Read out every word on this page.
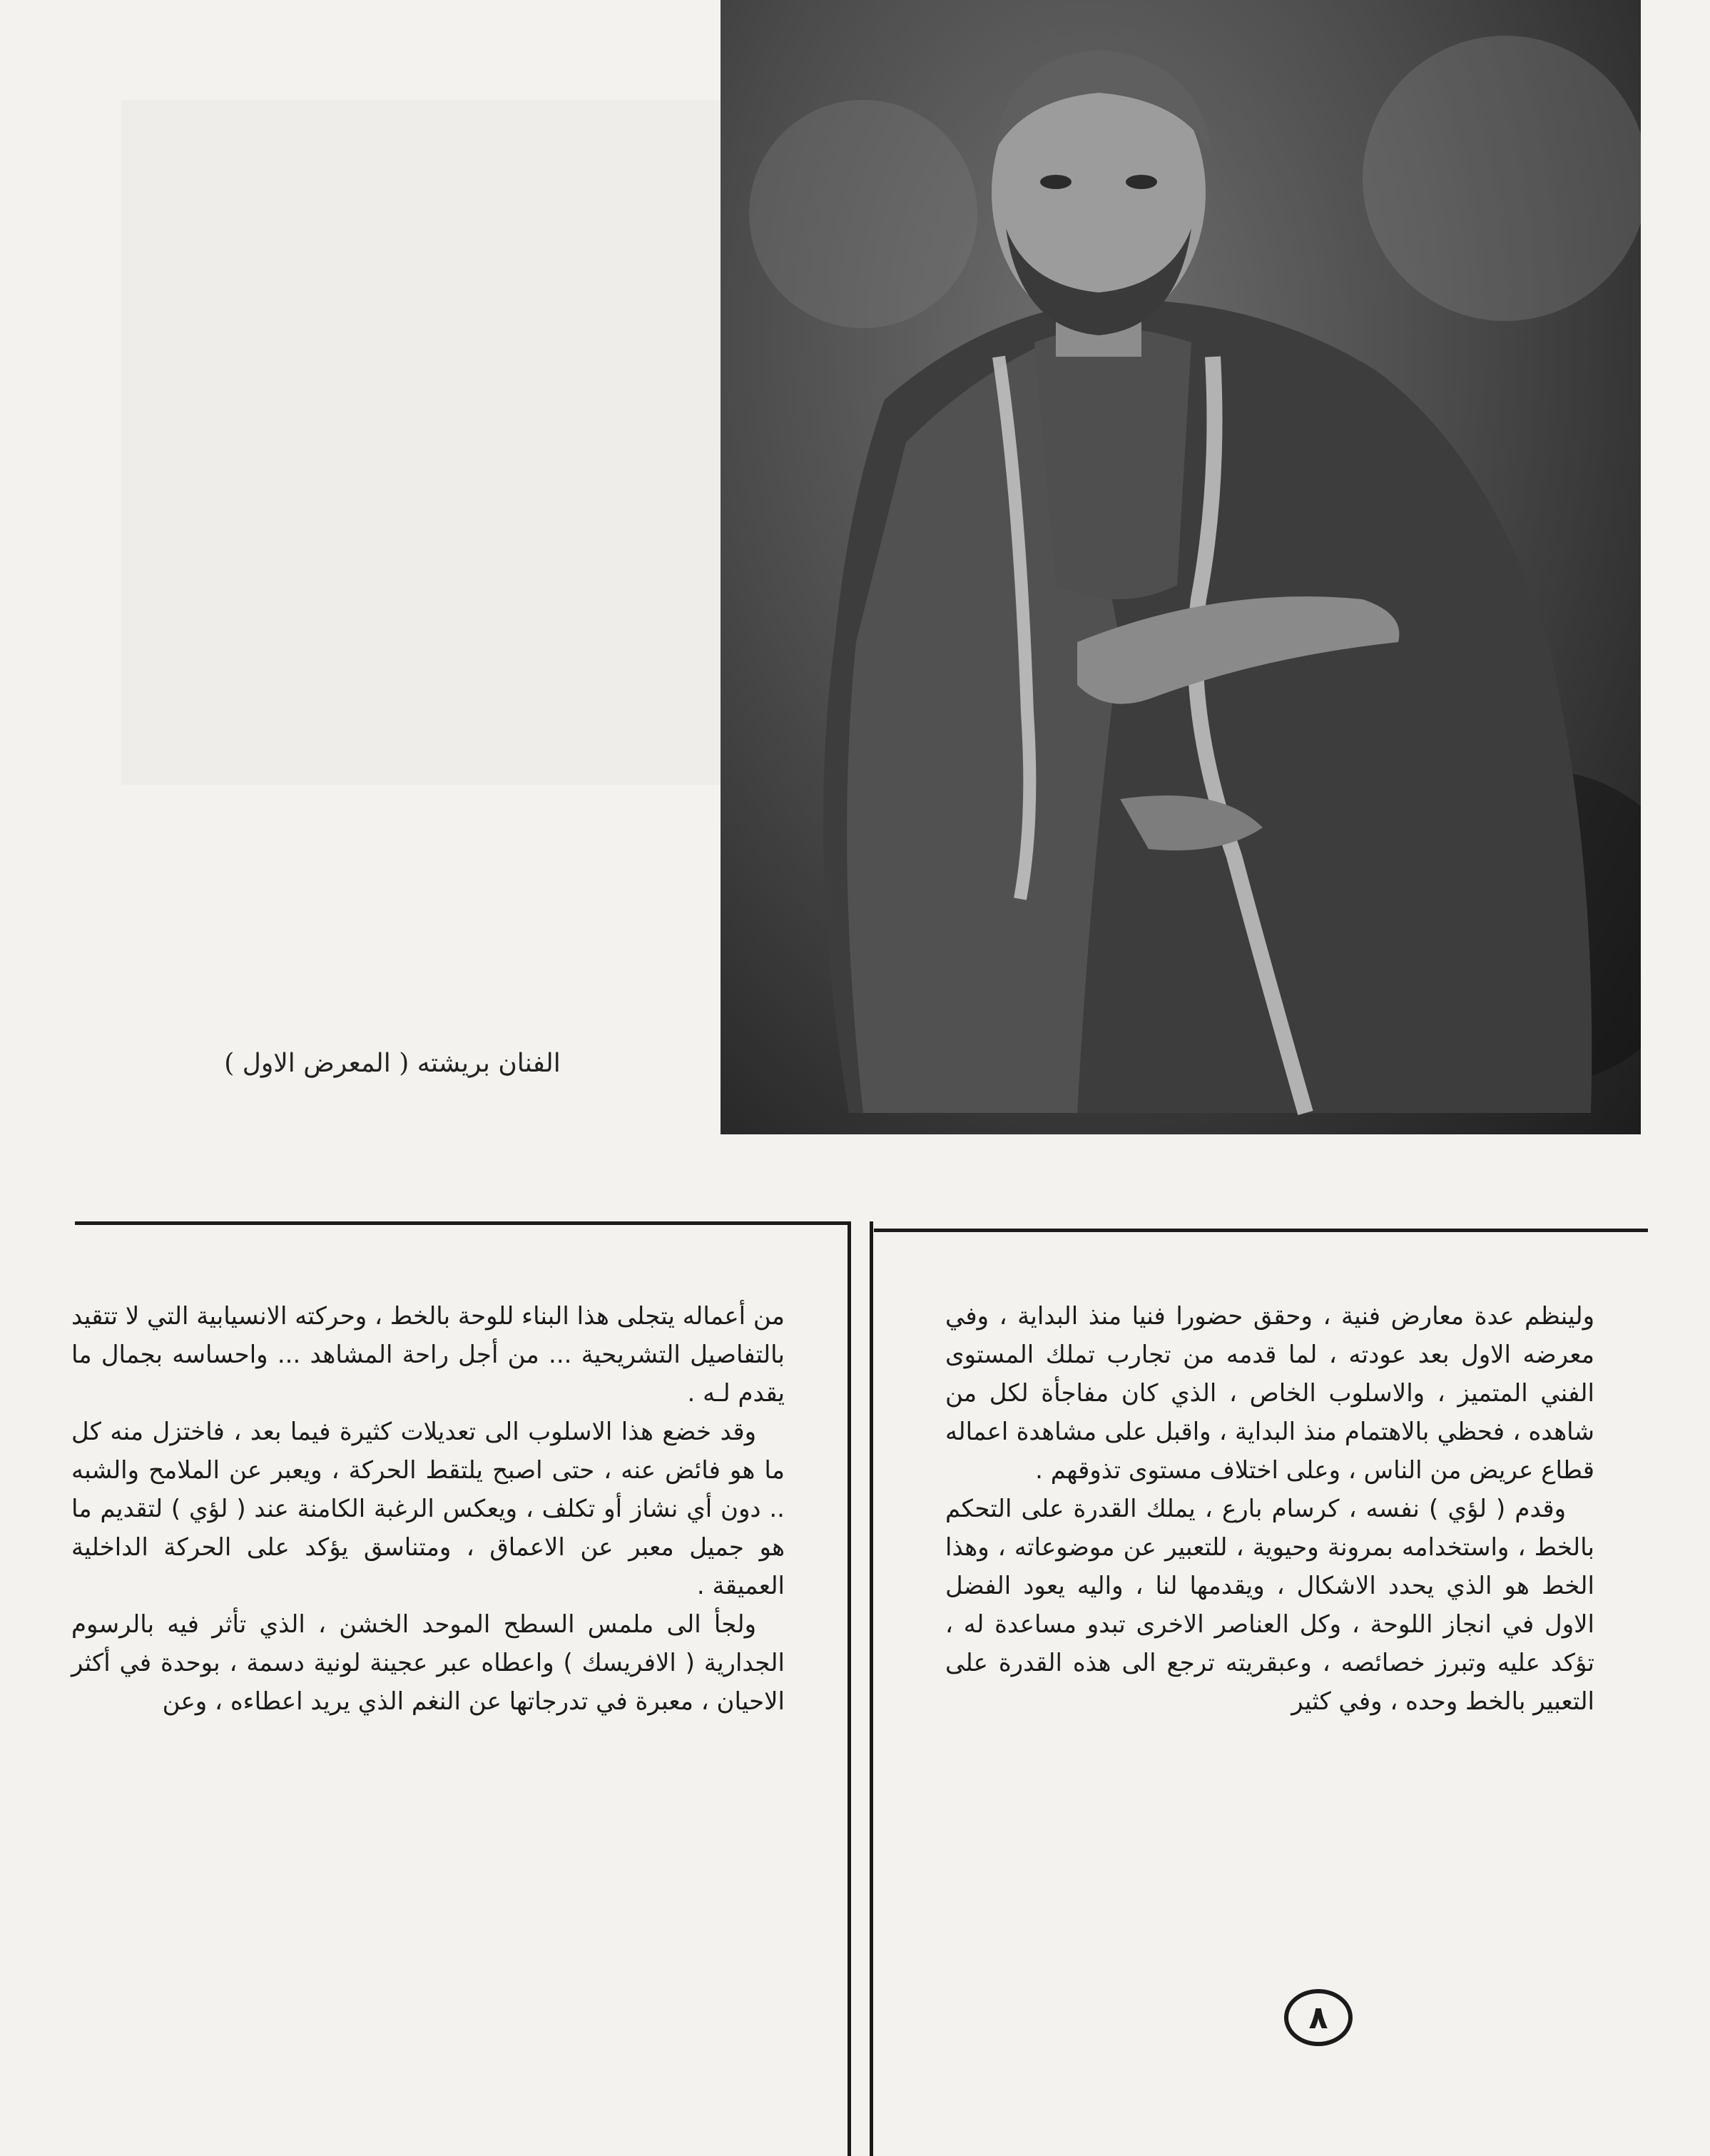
الفنان بريشته ( المعرض الاول )

ولينظم عدة معارض فنية ، وحقق حضورا فنيا منذ البداية ، وفي معرضه الاول بعد عودته ، لما قدمه من تجارب تملك المستوى الفني المتميز ، والاسلوب الخاص ، الذي كان مفاجأة لكل من شاهده ، فحظي بالاهتمام منذ البداية ، واقبل على مشاهدة اعماله قطاع عريض من الناس ، وعلى اختلاف مستوى تذوقهم .

وقدم ( لؤي ) نفسه ، كرسام بارع ، يملك القدرة على التحكم بالخط ، واستخدامه بمرونة وحيوية ، للتعبير عن موضوعاته ، وهذا الخط هو الذي يحدد الاشكال ، ويقدمها لنا ، واليه يعود الفضل الاول في انجاز اللوحة ، وكل العناصر الاخرى تبدو مساعدة له ، تؤكد عليه وتبرز خصائصه ، وعبقريته ترجع الى هذه القدرة على التعبير بالخط وحده ، وفي كثير

من أعماله يتجلى هذا البناء للوحة بالخط ، وحركته الانسيابية التي لا تتقيد بالتفاصيل التشريحية ... من أجل راحة المشاهد ... واحساسه بجمال ما يقدم لـه .

وقد خضع هذا الاسلوب الى تعديلات كثيرة فيما بعد ، فاختزل منه كل ما هو فائض عنه ، حتى اصبح يلتقط الحركة ، ويعبر عن الملامح والشبه .. دون أي نشاز أو تكلف ، ويعكس الرغبة الكامنة عند ( لؤي ) لتقديم ما هو جميل معبر عن الاعماق ، ومتناسق يؤكد على الحركة الداخلية العميقة .

ولجأ الى ملمس السطح الموحد الخشن ، الذي تأثر فيه بالرسوم الجدارية ( الافريسك ) واعطاه عبر عجينة لونية دسمة ، بوحدة في أكثر الاحيان ، معبرة في تدرجاتها عن النغم الذي يريد اعطاءه ، وعن

٨
